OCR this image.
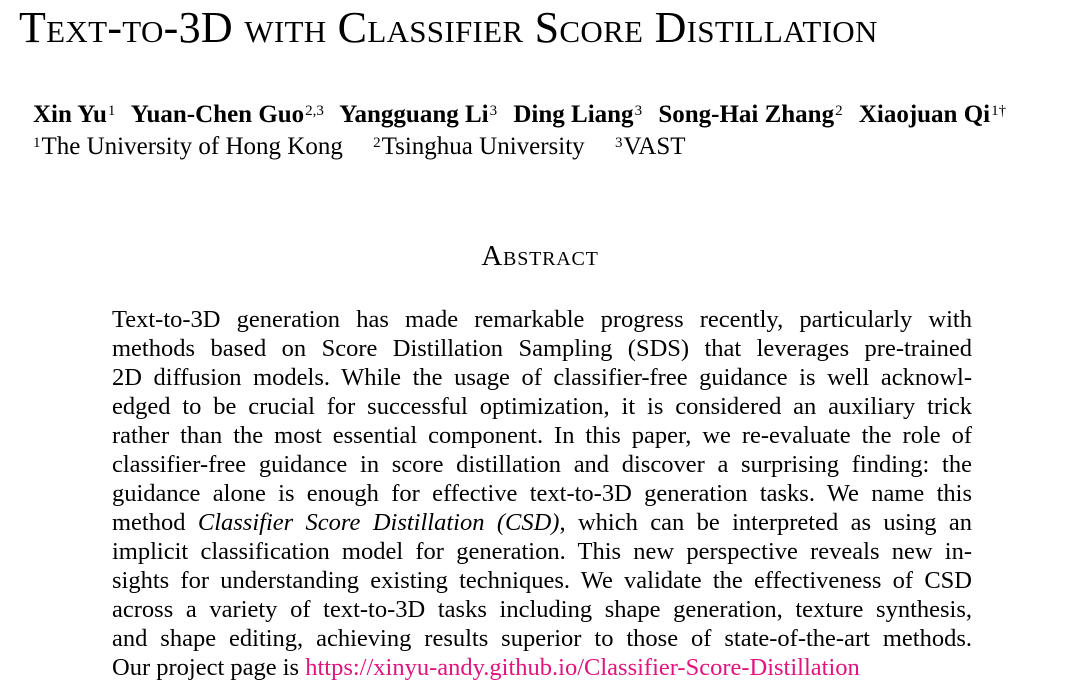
Text-to-3D with Classifier Score Distillation
Xin Yu$^1$ Yuan-Chen Guo$^{2,3}$ Yangguang Li$^3$ Ding Liang$^3$ Song-Hai Zhang$^2$ Xiaojuan $Qi^{1\dagger}$
$^1$The University of Hong Kong $^2$Tsinghua University $^3$VAST
Abstract
Text-to-3D generation has made remarkable progress recently, particularly with
methods based on Score Distillation Sampling (SDS) that leverages pre-trained
2D diffusion models. While the usage of classifier-free guidance is well acknowl-
edged to be crucial for successful optimization, it is considered an auxiliary trick
rather than the most essential component. In this paper, we re-evaluate the role of
classifier-free guidance in score distillation and discover a surprising finding: the
guidance alone is enough for effective text-to-3D generation tasks. We name this
method Classifier Score Distillation (CSD), which can be interpreted as using an
implicit classification model for generation. This new perspective reveals new in-
sights for understanding existing techniques. We validate the effectiveness of CSD
across a variety of text-to-3D tasks including shape generation, texture synthesis,
and shape editing, achieving results superior to those of state-of-the-art methods.
Our project page is https://xinyu-andy.github.io/Classifier-Score-Distillation
